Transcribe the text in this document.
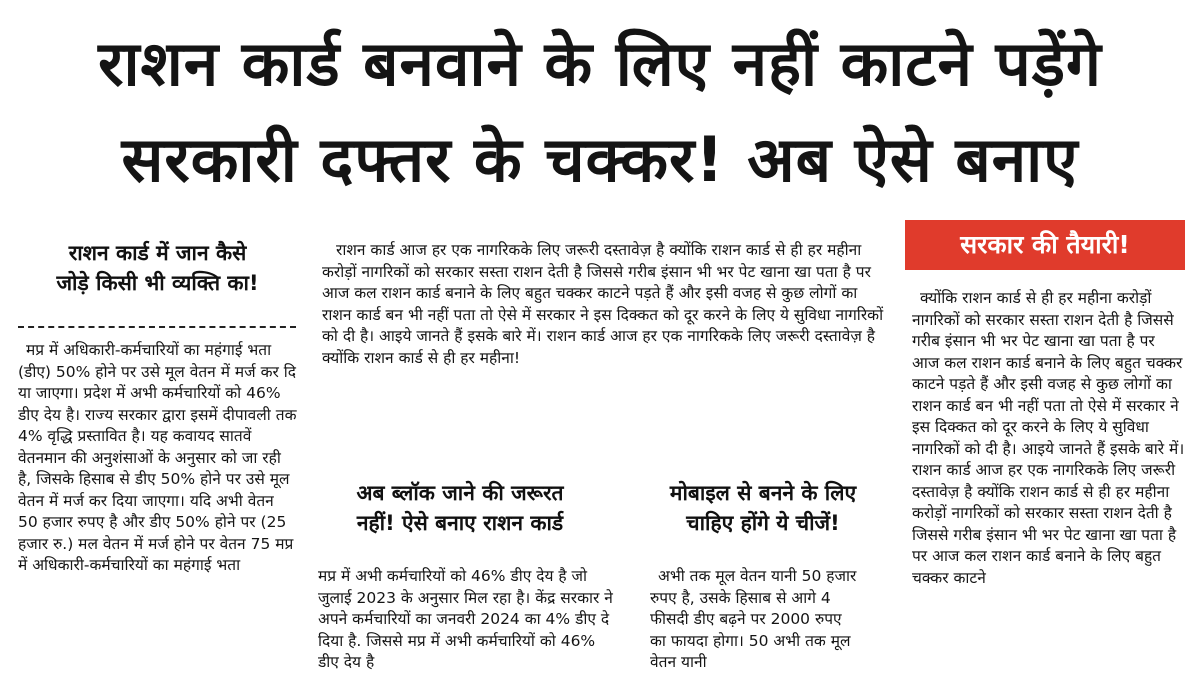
राशन कार्ड बनवाने के लिए नहीं काटने पड़ेंगे
सरकारी दफ्तर के चक्कर! अब ऐसे बनाए
राशन कार्ड में जान कैसे
जोड़े किसी भी व्यक्ति का!
मप्र में अधिकारी-कर्मचारियों का महंगाई भता (डीए) 50% होने पर उसे मूल वेतन में मर्ज कर दि या जाएगा। प्रदेश में अभी कर्मचारियों को 46% डीए देय है। राज्य सरकार द्वारा इसमें दीपावली तक 4% वृद्धि प्रस्तावित है। यह कवायद सातवें वेतनमान की अनुशंसाओं के अनुसार को जा रही है, जिसके हिसाब से डीए 50% होने पर उसे मूल वेतन में मर्ज कर दिया जाएगा। यदि अभी वेतन 50 हजार रुपए है और डीए 50% होने पर (25 हजार रु.) मल वेतन में मर्ज होने पर वेतन 75 मप्र में अधिकारी-कर्मचारियों का महंगाई भता
राशन कार्ड आज हर एक नागरिकके लिए जरूरी दस्तावेज़ है क्योंकि राशन कार्ड से ही हर महीना करोड़ों नागरिकों को सरकार सस्ता राशन देती है जिससे गरीब इंसान भी भर पेट खाना खा पता है पर आज कल राशन कार्ड बनाने के लिए बहुत चक्कर काटने पड़ते हैं और इसी वजह से कुछ लोगों का राशन कार्ड बन भी नहीं पता तो ऐसे में सरकार ने इस दिक्कत को दूर करने के लिए ये सुविधा नागरिकों को दी है। आइये जानते हैं इसके बारे में। राशन कार्ड आज हर एक नागरिकके लिए जरूरी दस्तावेज़ है क्योंकि राशन कार्ड से ही हर महीना!
अब ब्लॉक जाने की जरूरत
नहीं! ऐसे बनाए राशन कार्ड
मप्र में अभी कर्मचारियों को 46% डीए देय है जो जुलाई 2023 के अनुसार मिल रहा है। केंद्र सरकार ने अपने कर्मचारियों का जनवरी 2024 का 4% डीए दे दिया है. जिससे मप्र में अभी कर्मचारियों को 46% डीए देय है
मोबाइल से बनने के लिए
चाहिए होंगे ये चीजें!
अभी तक मूल वेतन यानी 50 हजार रुपए है, उसके हिसाब से आगे 4 फीसदी डीए बढ़ने पर 2000 रुपए का फायदा होगा। 50 अभी तक मूल वेतन यानी
सरकार की तैयारी!
क्योंकि राशन कार्ड से ही हर महीना करोड़ों नागरिकों को सरकार सस्ता राशन देती है जिससे गरीब इंसान भी भर पेट खाना खा पता है पर आज कल राशन कार्ड बनाने के लिए बहुत चक्कर काटने पड़ते हैं और इसी वजह से कुछ लोगों का राशन कार्ड बन भी नहीं पता तो ऐसे में सरकार ने इस दिक्कत को दूर करने के लिए ये सुविधा नागरिकों को दी है। आइये जानते हैं इसके बारे में। राशन कार्ड आज हर एक नागरिकके लिए जरूरी दस्तावेज़ है क्योंकि राशन कार्ड से ही हर महीना करोड़ों नागरिकों को सरकार सस्ता राशन देती है जिससे गरीब इंसान भी भर पेट खाना खा पता है पर आज कल राशन कार्ड बनाने के लिए बहुत चक्कर काटने
